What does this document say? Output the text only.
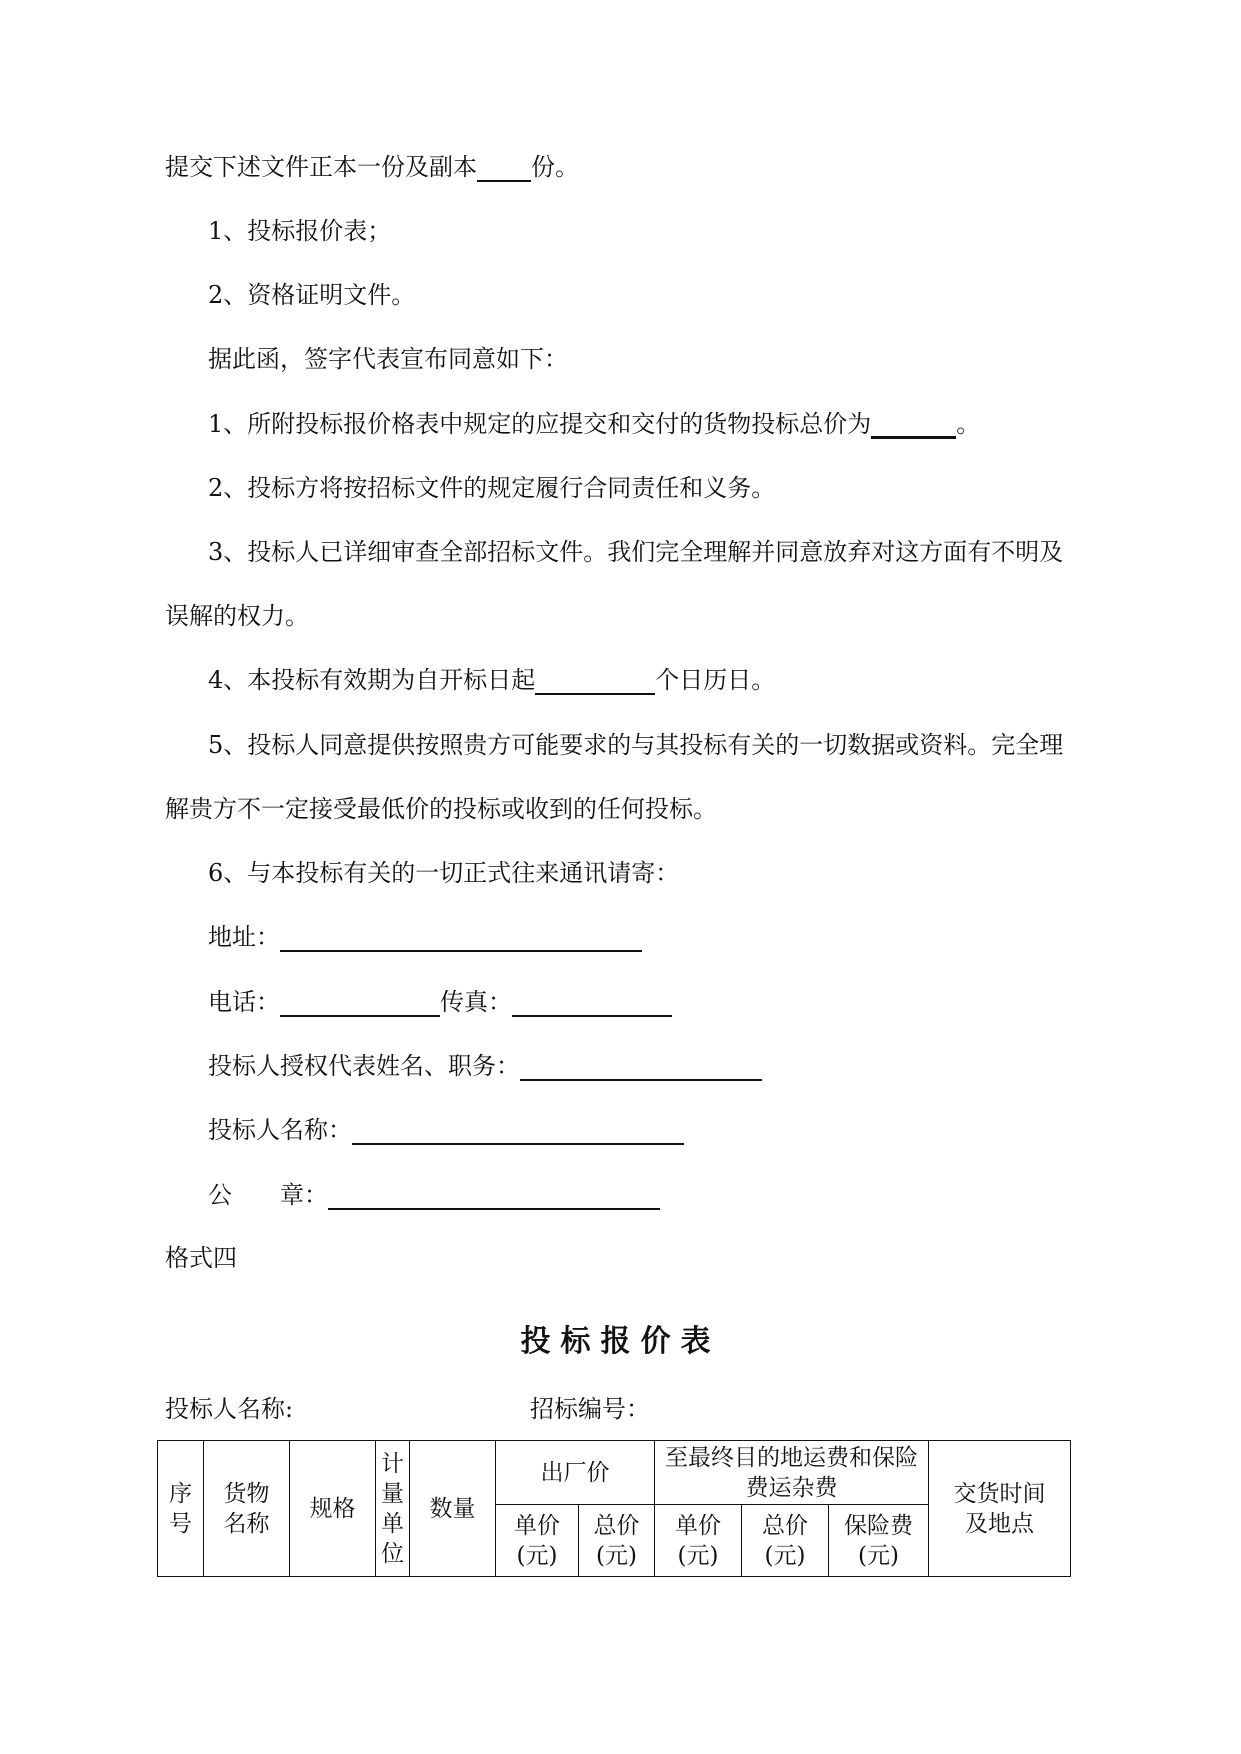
提交下述文件正本一份及副本 份。
1、投标报价表；
2、资格证明文件。
据此函，签字代表宣布同意如下：
1、所附投标报价格表中规定的应提交和交付的货物投标总价为	。
2、投标方将按招标文件的规定履行合同责任和义务。
3、投标人已详细审查全部招标文件。我们完全理解并同意放弃对这方面有不明及
误解的权力。
4、本投标有效期为自开标日起	个日历日。
5、投标人同意提供按照贵方可能要求的与其投标有关的一切数据或资料。完全理
解贵方不一定接受最低价的投标或收到的任何投标。
6、与本投标有关的一切正式往来通讯请寄：
地址：
电话：	传真：
投标人授权代表姓名、职务：
投标人名称：
公　　章：
格式四
投标报价表
投标人名称:	招标编号：
序号	货物名称	规格	计量单位	数量	出厂价		至最终目的地运费和保险费运杂费			交货时间及地点
					单价(元)	总价(元)	单价(元)	总价(元)	保险费(元)	
